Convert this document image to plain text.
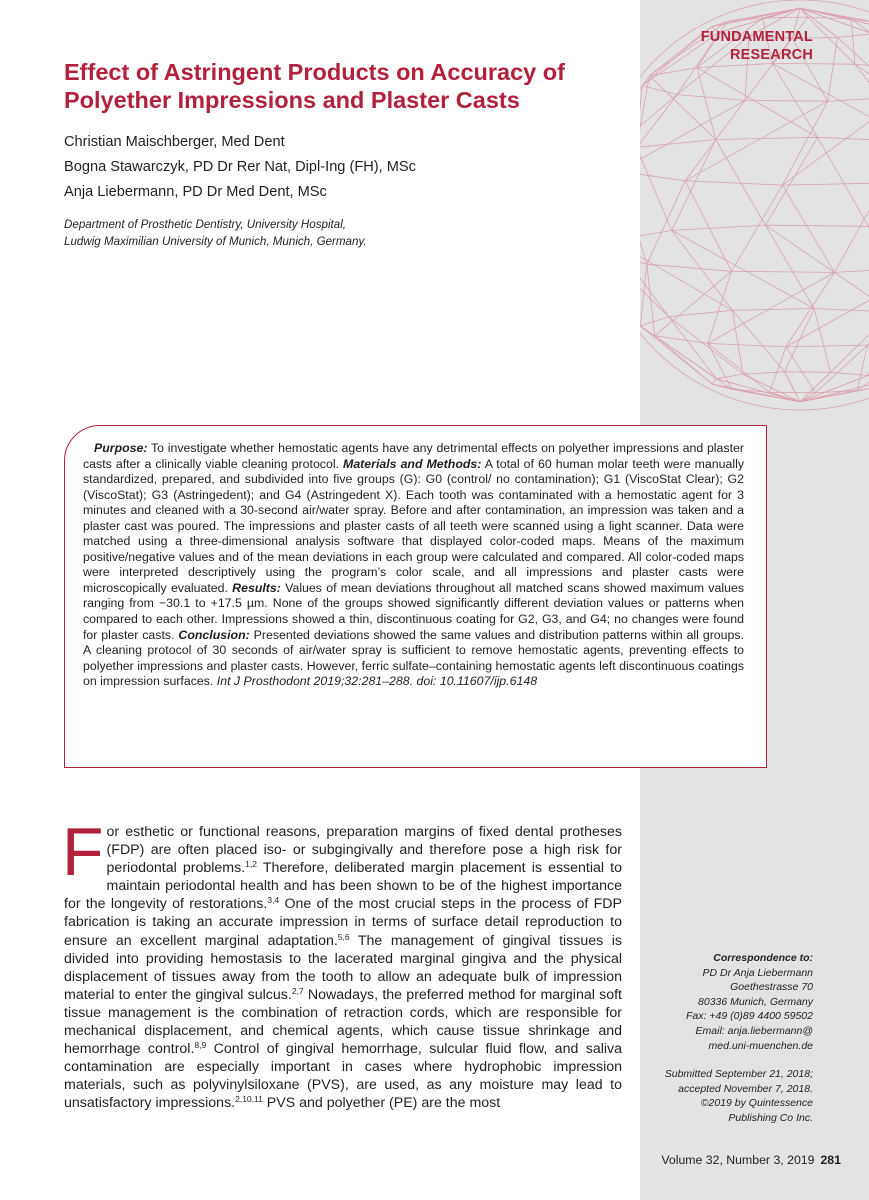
FUNDAMENTAL
RESEARCH
Effect of Astringent Products on Accuracy of
Polyether Impressions and Plaster Casts
Christian Maischberger, Med Dent
Bogna Stawarczyk, PD Dr Rer Nat, Dipl-Ing (FH), MSc
Anja Liebermann, PD Dr Med Dent, MSc
Department of Prosthetic Dentistry, University Hospital,
Ludwig Maximilian University of Munich, Munich, Germany.

Purpose: To investigate whether hemostatic agents have any detrimental effects on polyether impressions and plaster casts after a clinically viable cleaning protocol. Materials and Methods: A total of 60 human molar teeth were manually standardized, prepared, and subdivided into five groups (G): G0 (control/ no contamination); G1 (ViscoStat Clear); G2 (ViscoStat); G3 (Astringedent); and G4 (Astringedent X). Each tooth was contaminated with a hemostatic agent for 3 minutes and cleaned with a 30-second air/water spray. Before and after contamination, an impression was taken and a plaster cast was poured. The impressions and plaster casts of all teeth were scanned using a light scanner. Data were matched using a three-dimensional analysis software that displayed color-coded maps. Means of the maximum positive/negative values and of the mean deviations in each group were calculated and compared. All color-coded maps were interpreted descriptively using the program’s color scale, and all impressions and plaster casts were microscopically evaluated. Results: Values of mean deviations throughout all matched scans showed maximum values ranging from −30.1 to +17.5 µm. None of the groups showed significantly different deviation values or patterns when compared to each other. Impressions showed a thin, discontinuous coating for G2, G3, and G4; no changes were found for plaster casts. Conclusion: Presented deviations showed the same values and distribution patterns within all groups. A cleaning protocol of 30 seconds of air/water spray is sufficient to remove hemostatic agents, preventing effects to polyether impressions and plaster casts. However, ferric sulfate–containing hemostatic agents left discontinuous coatings on impression surfaces. Int J Prosthodont 2019;32:281–288. doi: 10.11607/ijp.6148

For esthetic or functional reasons, preparation margins of fixed dental protheses (FDP) are often placed iso- or subgingivally and therefore pose a high risk for periodontal problems.$^{1,2}$ Therefore, deliberated margin placement is essential to maintain periodontal health and has been shown to be of the highest importance for the longevity of restorations.$^{3,4}$ One of the most crucial steps in the process of FDP fabrication is taking an accurate impression in terms of surface detail reproduction to ensure an excellent marginal adaptation.$^{5,6}$ The management of gingival tissues is divided into providing hemostasis to the lacerated marginal gingiva and the physical displacement of tissues away from the tooth to allow an adequate bulk of impression material to enter the gingival sulcus.$^{2,7}$ Nowadays, the preferred method for marginal soft tissue management is the combination of retraction cords, which are responsible for mechanical displacement, and chemical agents, which cause tissue shrinkage and hemorrhage control.$^{8,9}$ Control of gingival hemorrhage, sulcular fluid flow, and saliva contamination are especially important in cases where hydrophobic impression materials, such as polyvinylsiloxane (PVS), are used, as any moisture may lead to unsatisfactory impressions.$^{2,10,11}$ PVS and polyether (PE) are the most

Correspondence to:
PD Dr Anja Liebermann
Goethestrasse 70
80336 Munich, Germany
Fax: +49 (0)89 4400 59502
Email: anja.liebermann@
med.uni-muenchen.de
Submitted September 21, 2018;
accepted November 7, 2018.
©2019 by Quintessence
Publishing Co Inc.
Volume 32, Number 3, 2019 281
